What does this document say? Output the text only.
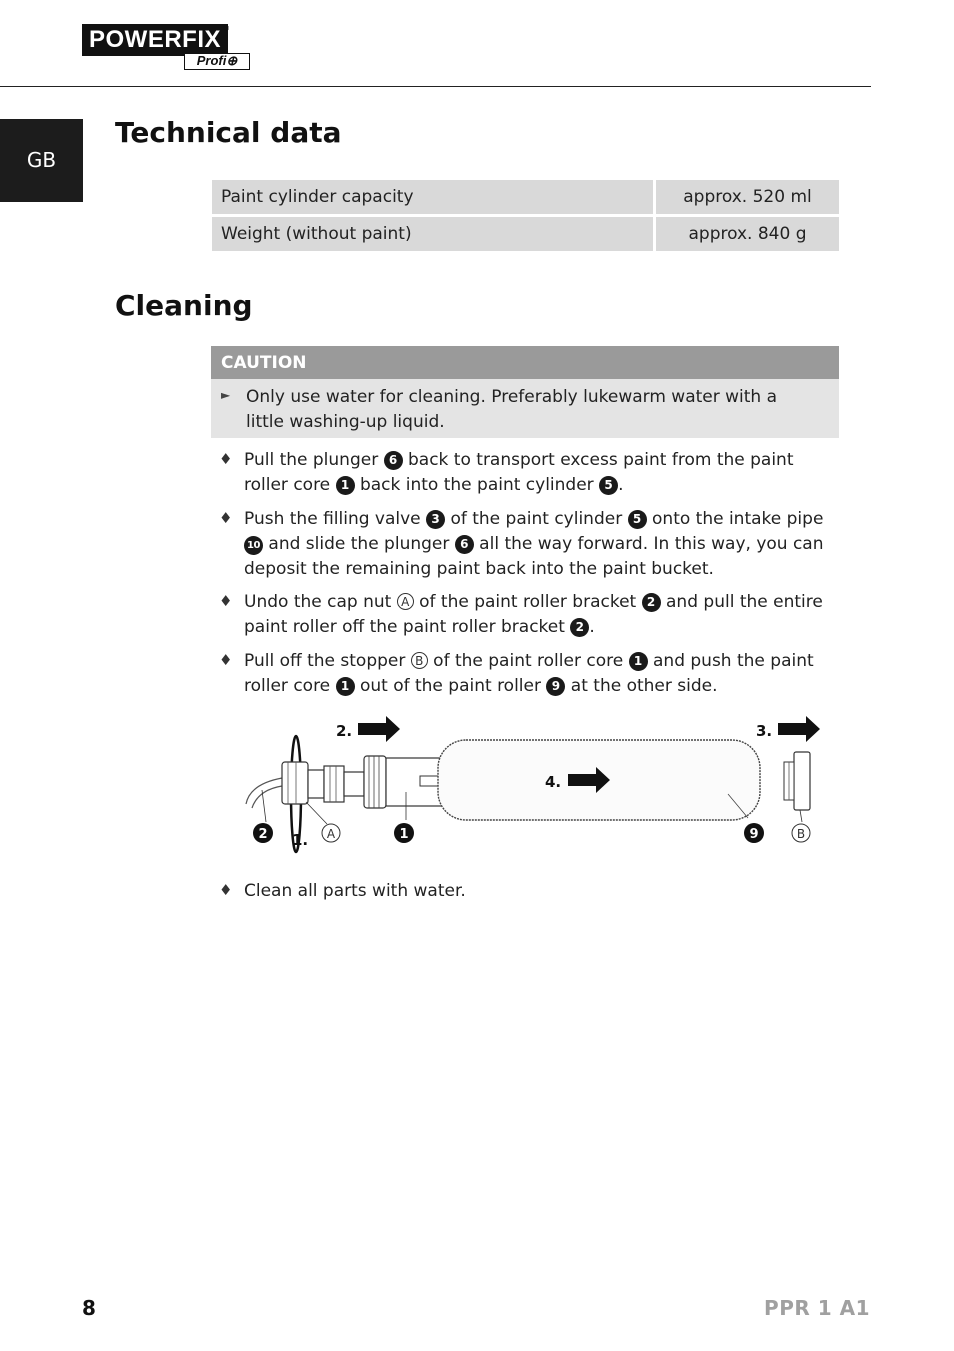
POWERFIX ®
Profi⊕
GB
Technical data
Paint cylinder capacity	approx. 520 ml
Weight (without paint)	approx. 840 g
Cleaning
CAUTION
► Only use water for cleaning. Preferably lukewarm water with a little washing-up liquid.
♦ Pull the plunger 6 back to transport excess paint from the paint roller core 1 back into the paint cylinder 5 .
♦ Push the filling valve 3 of the paint cylinder 5 onto the intake pipe 10 and slide the plunger 6 all the way forward. In this way, you can deposit the remaining paint back into the paint bucket.
♦ Undo the cap nut A of the paint roller bracket 2 and pull the entire paint roller off the paint roller bracket 2 .
♦ Pull off the stopper B of the paint roller core 1 and push the paint roller core 1 out of the paint roller 9 at the other side.
1.
2.	3.
4.
2	A	1	9	B
♦ Clean all parts with water.
8	PPR 1 A1
